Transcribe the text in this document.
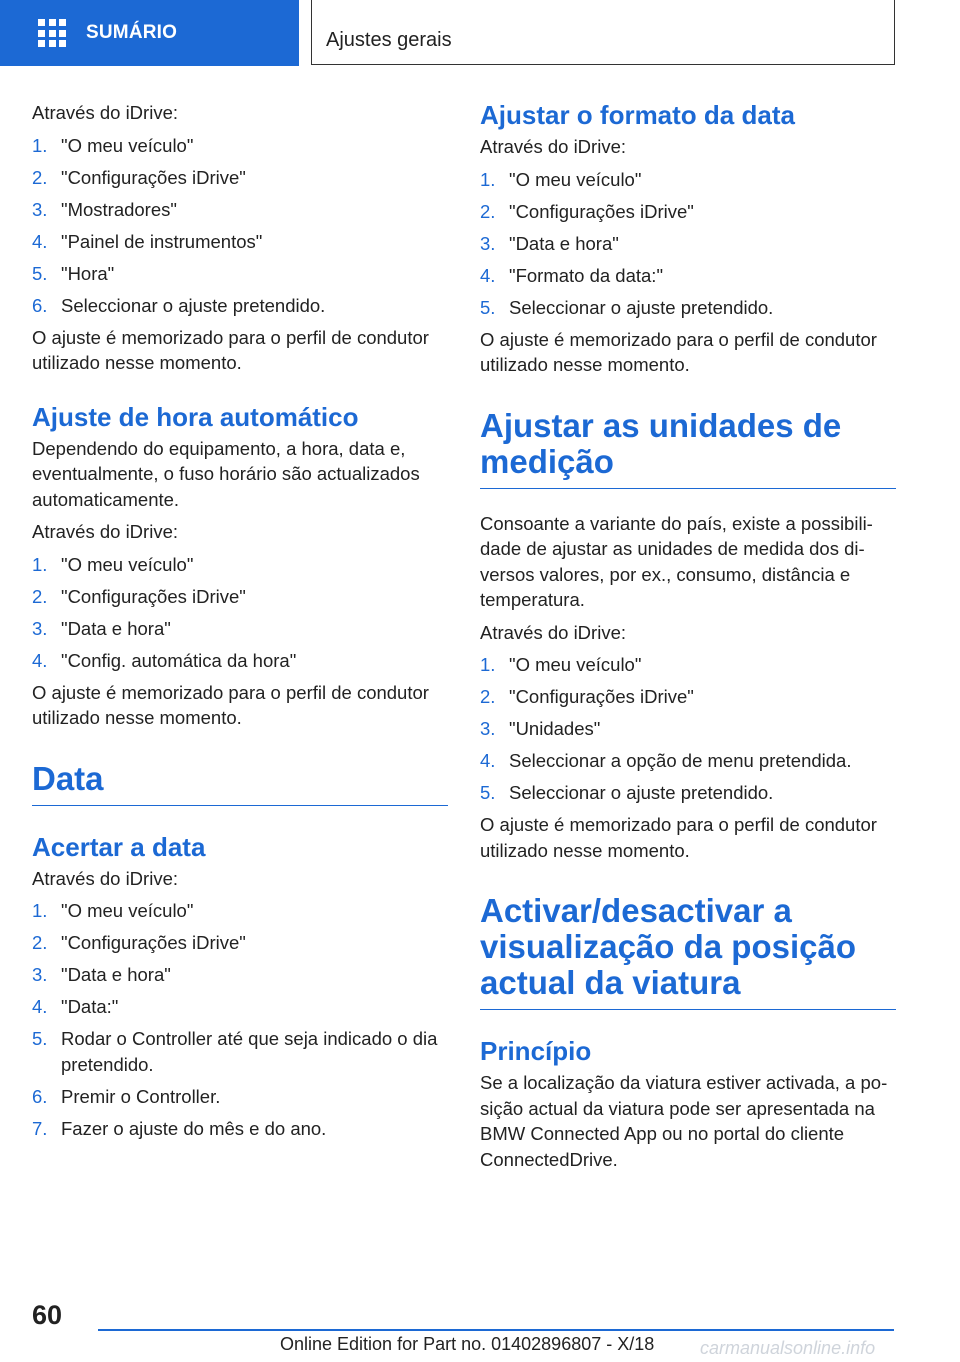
SUMÁRIO	Ajustes gerais
Através do iDrive:
1. "O meu veículo"
2. "Configurações iDrive"
3. "Mostradores"
4. "Painel de instrumentos"
5. "Hora"
6. Seleccionar o ajuste pretendido.
O ajuste é memorizado para o perfil de condutor utilizado nesse momento.
Ajuste de hora automático
Dependendo do equipamento, a hora, data e, eventualmente, o fuso horário são actualizados automaticamente.
Através do iDrive:
1. "O meu veículo"
2. "Configurações iDrive"
3. "Data e hora"
4. "Config. automática da hora"
O ajuste é memorizado para o perfil de condutor utilizado nesse momento.
Data
Acertar a data
Através do iDrive:
1. "O meu veículo"
2. "Configurações iDrive"
3. "Data e hora"
4. "Data:"
5. Rodar o Controller até que seja indicado o dia pretendido.
6. Premir o Controller.
7. Fazer o ajuste do mês e do ano.
Ajustar o formato da data
Através do iDrive:
1. "O meu veículo"
2. "Configurações iDrive"
3. "Data e hora"
4. "Formato da data:"
5. Seleccionar o ajuste pretendido.
O ajuste é memorizado para o perfil de condutor utilizado nesse momento.
Ajustar as unidades de medição
Consoante a variante do país, existe a possibili‐dade de ajustar as unidades de medida dos di‐versos valores, por ex., consumo, distância e temperatura.
Através do iDrive:
1. "O meu veículo"
2. "Configurações iDrive"
3. "Unidades"
4. Seleccionar a opção de menu pretendida.
5. Seleccionar o ajuste pretendido.
O ajuste é memorizado para o perfil de condutor utilizado nesse momento.
Activar/desactivar a visualização da posição actual da viatura
Princípio
Se a localização da viatura estiver activada, a po‐sição actual da viatura pode ser apresentada na BMW Connected App ou no portal do cliente ConnectedDrive.
60
Online Edition for Part no. 01402896807 - X/18	carmanualsonline.info
